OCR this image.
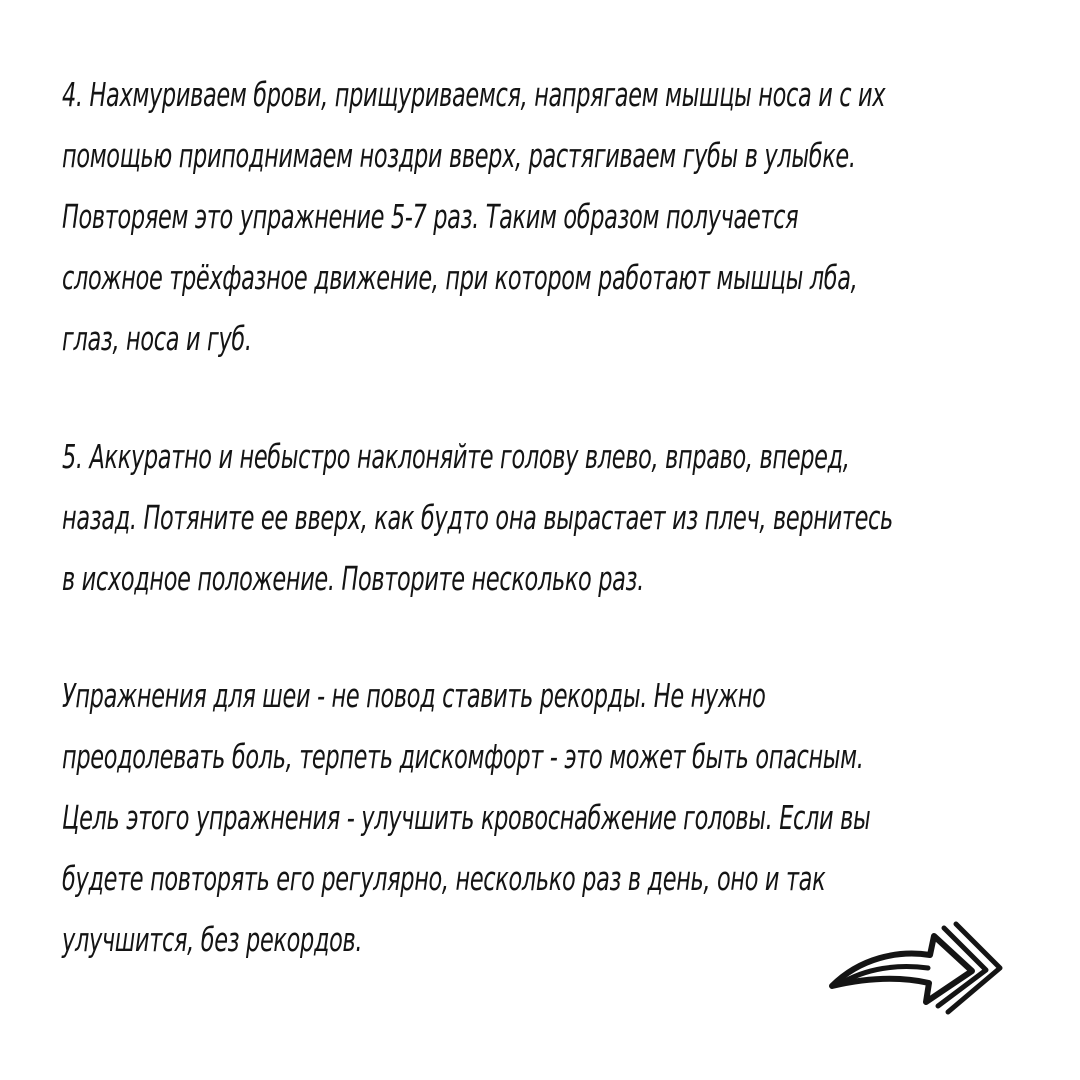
4. Нахмуриваем брови, прищуриваемся, напрягаем мышцы носа и с их
помощью приподнимаем ноздри вверх, растягиваем губы в улыбке.
Повторяем это упражнение 5-7 раз. Таким образом получается
сложное трёхфазное движение, при котором работают мышцы лба,
глаз, носа и губ.
5. Аккуратно и небыстро наклоняйте голову влево, вправо, вперед,
назад. Потяните ее вверх, как будто она вырастает из плеч, вернитесь
в исходное положение. Повторите несколько раз.
Упражнения для шеи - не повод ставить рекорды. Не нужно
преодолевать боль, терпеть дискомфорт - это может быть опасным.
Цель этого упражнения - улучшить кровоснабжение головы. Если вы
будете повторять его регулярно, несколько раз в день, оно и так
улучшится, без рекордов.
